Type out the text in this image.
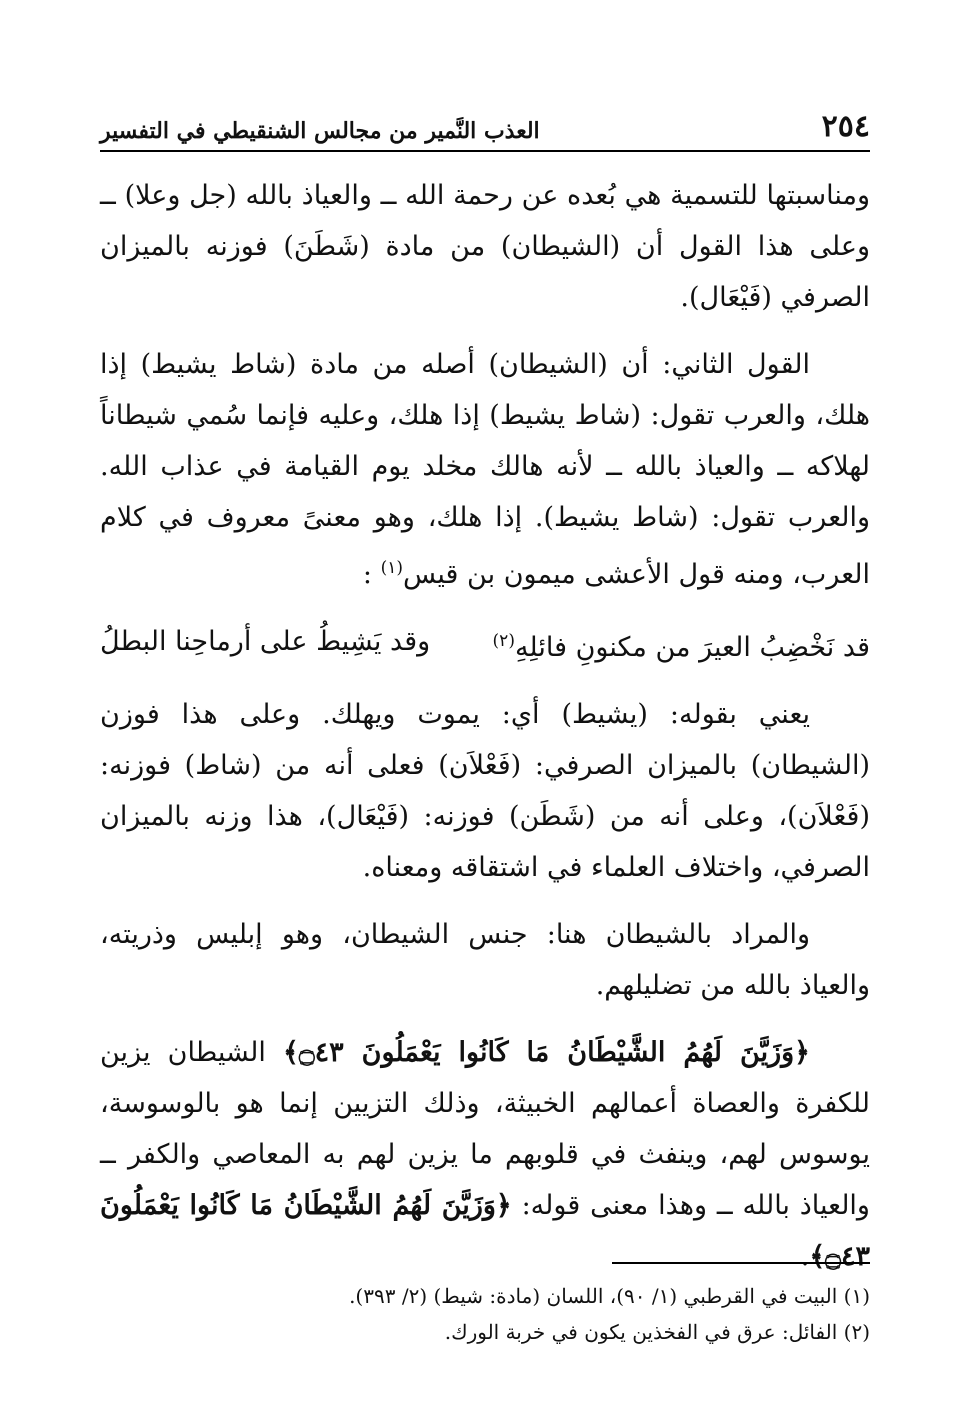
٢٥٤
العذب النَّمير من مجالس الشنقيطي في التفسير

ومناسبتها للتسمية هي بُعده عن رحمة الله ــ والعياذ بالله (جل وعلا) ــ وعلى هذا القول أن (الشيطان) من مادة (شَطَنَ) فوزنه بالميزان الصرفي (فَيْعَال).

القول الثاني: أن (الشيطان) أصله من مادة (شاط يشيط) إذا هلك، والعرب تقول: (شاط يشيط) إذا هلك، وعليه فإنما سُمي شيطاناً لهلاكه ــ والعياذ بالله ــ لأنه هالك مخلد يوم القيامة في عذاب الله. والعرب تقول: (شاط يشيط). إذا هلك، وهو معنىً معروف في كلام العرب، ومنه قول الأعشى ميمون بن قيس$^{(١)}$ :

قد نَخْضِبُ العيرَ من مكنونِ فائلِهِ$^{(٢)}$
وقد يَشِيطُ على أرماحِنا البطلُ

يعني بقوله: (يشيط) أي: يموت ويهلك. وعلى هذا فوزن (الشيطان) بالميزان الصرفي: (فَعْلاَن) فعلى أنه من (شاط) فوزنه: (فَعْلاَن)، وعلى أنه من (شَطَن) فوزنه: (فَيْعَال)، هذا وزنه بالميزان الصرفي، واختلاف العلماء في اشتقاقه ومعناه.

والمراد بالشيطان هنا: جنس الشيطان، وهو إبليس وذريته، والعياذ بالله من تضليلهم.

﴿وَزَيَّنَ لَهُمُ الشَّيْطَانُ مَا كَانُوا يَعْمَلُونَ ۝٤٣﴾ الشيطان يزين للكفرة والعصاة أعمالهم الخبيثة، وذلك التزيين إنما هو بالوسوسة، يوسوس لهم، وينفث في قلوبهم ما يزين لهم به المعاصي والكفر ــ والعياذ بالله ــ وهذا معنى قوله: ﴿وَزَيَّنَ لَهُمُ الشَّيْطَانُ مَا كَانُوا يَعْمَلُونَ ۝٤٣﴾.

(١) البيت في القرطبي (١/ ٩٠)، اللسان (مادة: شيط) (٢/ ٣٩٣).
(٢) الفائل: عرق في الفخذين يكون في خربة الورك.
